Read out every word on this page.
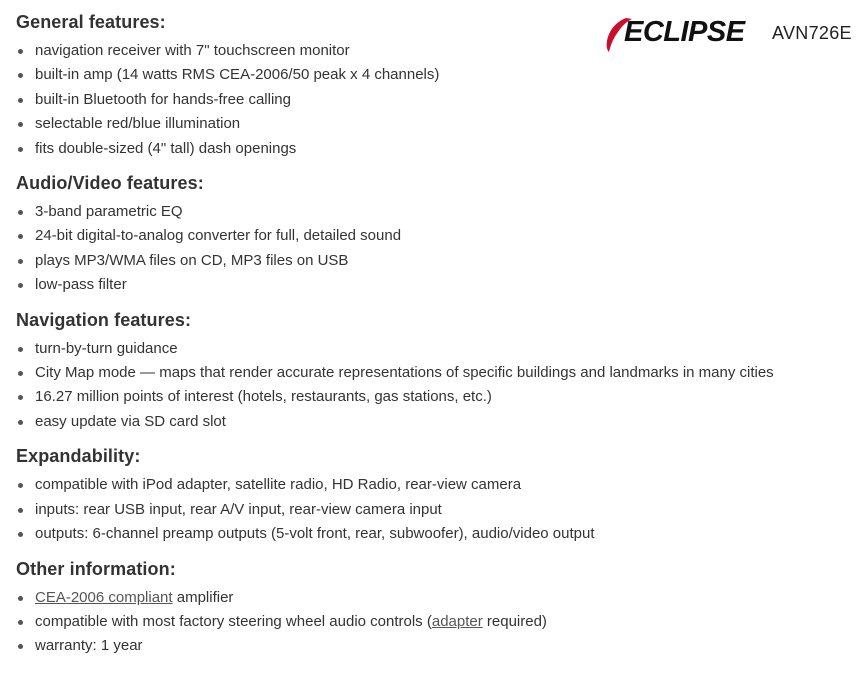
General features:
navigation receiver with 7" touchscreen monitor
built-in amp (14 watts RMS CEA-2006/50 peak x 4 channels)
built-in Bluetooth for hands-free calling
selectable red/blue illumination
fits double-sized (4" tall) dash openings
Audio/Video features:
3-band parametric EQ
24-bit digital-to-analog converter for full, detailed sound
plays MP3/WMA files on CD, MP3 files on USB
low-pass filter
Navigation features:
turn-by-turn guidance
City Map mode — maps that render accurate representations of specific buildings and landmarks in many cities
16.27 million points of interest (hotels, restaurants, gas stations, etc.)
easy update via SD card slot
Expandability:
compatible with iPod adapter, satellite radio, HD Radio, rear-view camera
inputs: rear USB input, rear A/V input, rear-view camera input
outputs: 6-channel preamp outputs (5-volt front, rear, subwoofer), audio/video output
Other information:
CEA-2006 compliant amplifier
compatible with most factory steering wheel audio controls (adapter required)
warranty: 1 year
ECLIPSE AVN726E
